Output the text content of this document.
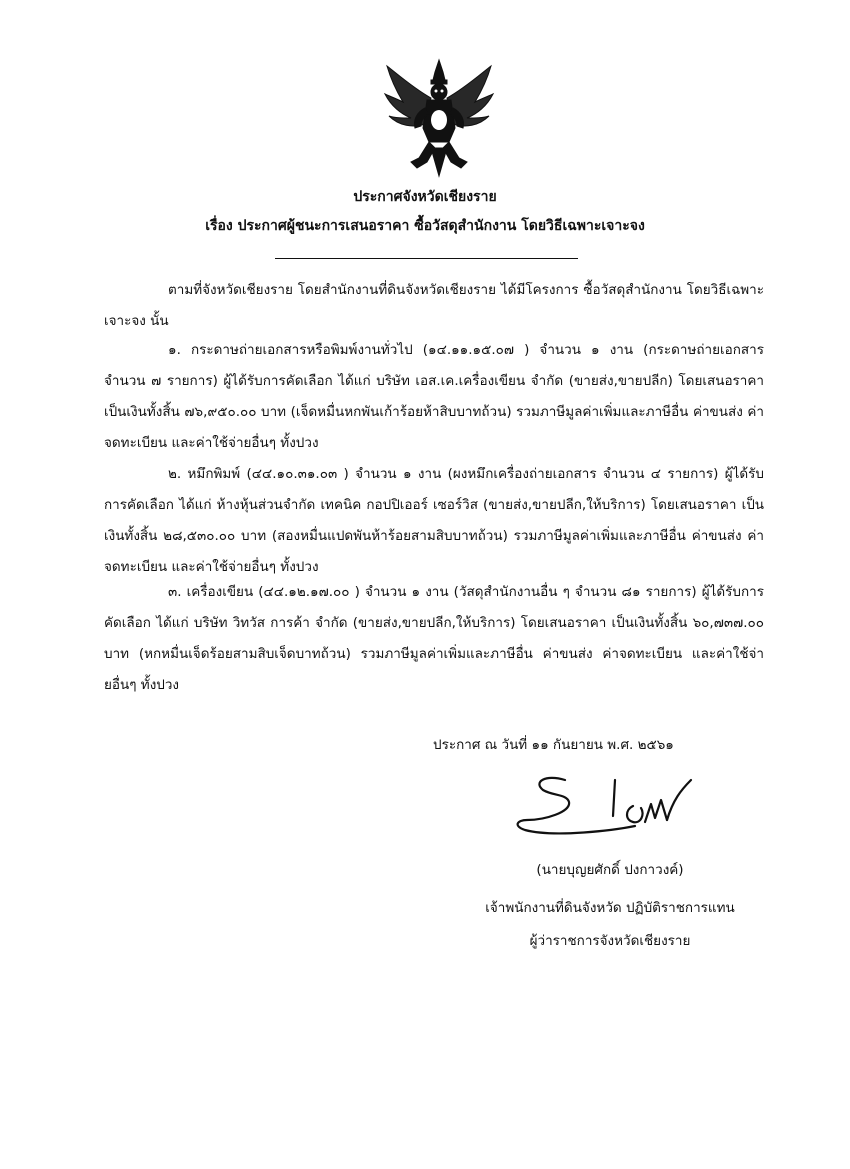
ประกาศจังหวัดเชียงราย
เรื่อง ประกาศผู้ชนะการเสนอราคา ซื้อวัสดุสำนักงาน โดยวิธีเฉพาะเจาะจง
ตามที่จังหวัดเชียงราย โดยสำนักงานที่ดินจังหวัดเชียงราย ได้มีโครงการ ซื้อวัสดุสำนักงาน โดยวิธีเฉพาะเจาะจง นั้น
๑. กระดาษถ่ายเอกสารหรือพิมพ์งานทั่วไป (๑๔.๑๑.๑๕.๐๗ ) จำนวน ๑ งาน (กระดาษถ่ายเอกสาร จำนวน ๗ รายการ) ผู้ได้รับการคัดเลือก ได้แก่ บริษัท เอส.เค.เครื่องเขียน จำกัด (ขายส่ง,ขายปลีก) โดยเสนอราคา เป็นเงินทั้งสิ้น ๗๖,๙๕๐.๐๐ บาท (เจ็ดหมื่นหกพันเก้าร้อยห้าสิบบาทถ้วน) รวมภาษีมูลค่าเพิ่มและภาษีอื่น ค่าขนส่ง ค่าจดทะเบียน และค่าใช้จ่ายอื่นๆ ทั้งปวง
๒. หมึกพิมพ์ (๔๔.๑๐.๓๑.๐๓ ) จำนวน ๑ งาน (ผงหมึกเครื่องถ่ายเอกสาร จำนวน ๔ รายการ) ผู้ได้รับการคัดเลือก ได้แก่ ห้างหุ้นส่วนจำกัด เทคนิค กอปปิเออร์ เซอร์วิส (ขายส่ง,ขายปลีก,ให้บริการ) โดยเสนอราคา เป็นเงินทั้งสิ้น ๒๘,๕๓๐.๐๐ บาท (สองหมื่นแปดพันห้าร้อยสามสิบบาทถ้วน) รวมภาษีมูลค่าเพิ่มและภาษีอื่น ค่าขนส่ง ค่าจดทะเบียน และค่าใช้จ่ายอื่นๆ ทั้งปวง
๓. เครื่องเขียน (๔๔.๑๒.๑๗.๐๐ ) จำนวน ๑ งาน (วัสดุสำนักงานอื่น ๆ จำนวน ๘๑ รายการ) ผู้ได้รับการคัดเลือก ได้แก่ บริษัท วิทวัส การค้า จำกัด (ขายส่ง,ขายปลีก,ให้บริการ) โดยเสนอราคา เป็นเงินทั้งสิ้น ๖๐,๗๓๗.๐๐ บาท (หกหมื่นเจ็ดร้อยสามสิบเจ็ดบาทถ้วน) รวมภาษีมูลค่าเพิ่มและภาษีอื่น ค่าขนส่ง ค่าจดทะเบียน และค่าใช้จ่ายอื่นๆ ทั้งปวง
ประกาศ ณ วันที่ ๑๑ กันยายน พ.ศ. ๒๕๖๑
(นายบุญยศักดิ์ ปงกาวงค์)
เจ้าพนักงานที่ดินจังหวัด ปฏิบัติราชการแทน
ผู้ว่าราชการจังหวัดเชียงราย
